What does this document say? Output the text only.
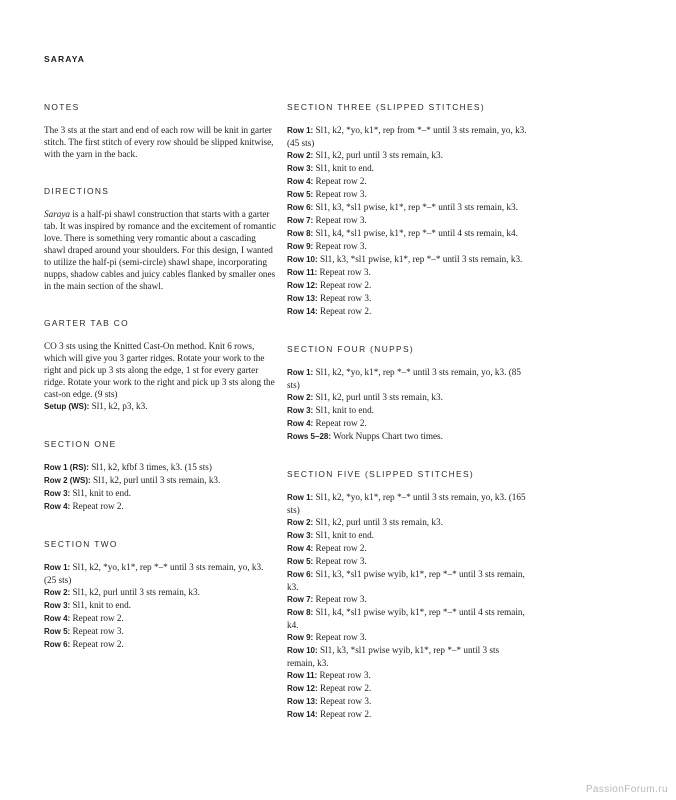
SARAYA
NOTES

The 3 sts at the start and end of each row will be knit in garter stitch. The first stitch of every row should be slipped knitwise, with the yarn in the back.

DIRECTIONS

Saraya is a half-pi shawl construction that starts with a garter tab. It was inspired by romance and the excitement of romantic love. There is something very romantic about a cascading shawl draped around your shoulders. For this design, I wanted to utilize the half-pi (semi-circle) shawl shape, incorporating nupps, shadow cables and juicy cables flanked by smaller ones in the main section of the shawl.

GARTER TAB CO

CO 3 sts using the Knitted Cast-On method. Knit 6 rows, which will give you 3 garter ridges. Rotate your work to the right and pick up 3 sts along the edge, 1 st for every garter ridge. Rotate your work to the right and pick up 3 sts along the cast-on edge. (9 sts)
Setup (WS): Sl1, k2, p3, k3.

SECTION ONE

Row 1 (RS): Sl1, k2, kfbf 3 times, k3. (15 sts)

Row 2 (WS): Sl1, k2, purl until 3 sts remain, k3.

Row 3: Sl1, knit to end.

Row 4: Repeat row 2.

SECTION TWO

Row 1: Sl1, k2, *yo, k1*, rep *–* until 3 sts remain, yo, k3. (25 sts)

Row 2: Sl1, k2, purl until 3 sts remain, k3.

Row 3: Sl1, knit to end.

Row 4: Repeat row 2.

Row 5: Repeat row 3.

Row 6: Repeat row 2.

SECTION THREE (SLIPPED STITCHES)

Row 1: Sl1, k2, *yo, k1*, rep from *–* until 3 sts remain, yo, k3. (45 sts)

Row 2: Sl1, k2, purl until 3 sts remain, k3.

Row 3: Sl1, knit to end.

Row 4: Repeat row 2.

Row 5: Repeat row 3.

Row 6: Sl1, k3, *sl1 pwise, k1*, rep *–* until 3 sts remain, k3.

Row 7: Repeat row 3.

Row 8: Sl1, k4, *sl1 pwise, k1*, rep *–* until 4 sts remain, k4.

Row 9: Repeat row 3.

Row 10: Sl1, k3, *sl1 pwise, k1*, rep *–* until 3 sts remain, k3.

Row 11: Repeat row 3.

Row 12: Repeat row 2.

Row 13: Repeat row 3.

Row 14: Repeat row 2.

SECTION FOUR (NUPPS)

Row 1: Sl1, k2, *yo, k1*, rep *–* until 3 sts remain, yo, k3. (85 sts)

Row 2: Sl1, k2, purl until 3 sts remain, k3.

Row 3: Sl1, knit to end.

Row 4: Repeat row 2.

Rows 5–28: Work Nupps Chart two times.

SECTION FIVE (SLIPPED STITCHES)

Row 1: Sl1, k2, *yo, k1*, rep *–* until 3 sts remain, yo, k3. (165 sts)

Row 2: Sl1, k2, purl until 3 sts remain, k3.

Row 3: Sl1, knit to end.

Row 4: Repeat row 2.

Row 5: Repeat row 3.

Row 6: Sl1, k3, *sl1 pwise wyib, k1*, rep *–* until 3 sts remain, k3.

Row 7: Repeat row 3.

Row 8: Sl1, k4, *sl1 pwise wyib, k1*, rep *–* until 4 sts remain, k4.

Row 9: Repeat row 3.

Row 10: Sl1, k3, *sl1 pwise wyib, k1*, rep *–* until 3 sts remain, k3.

Row 11: Repeat row 3.

Row 12: Repeat row 2.

Row 13: Repeat row 3.

Row 14: Repeat row 2.

PassionForum.ru
